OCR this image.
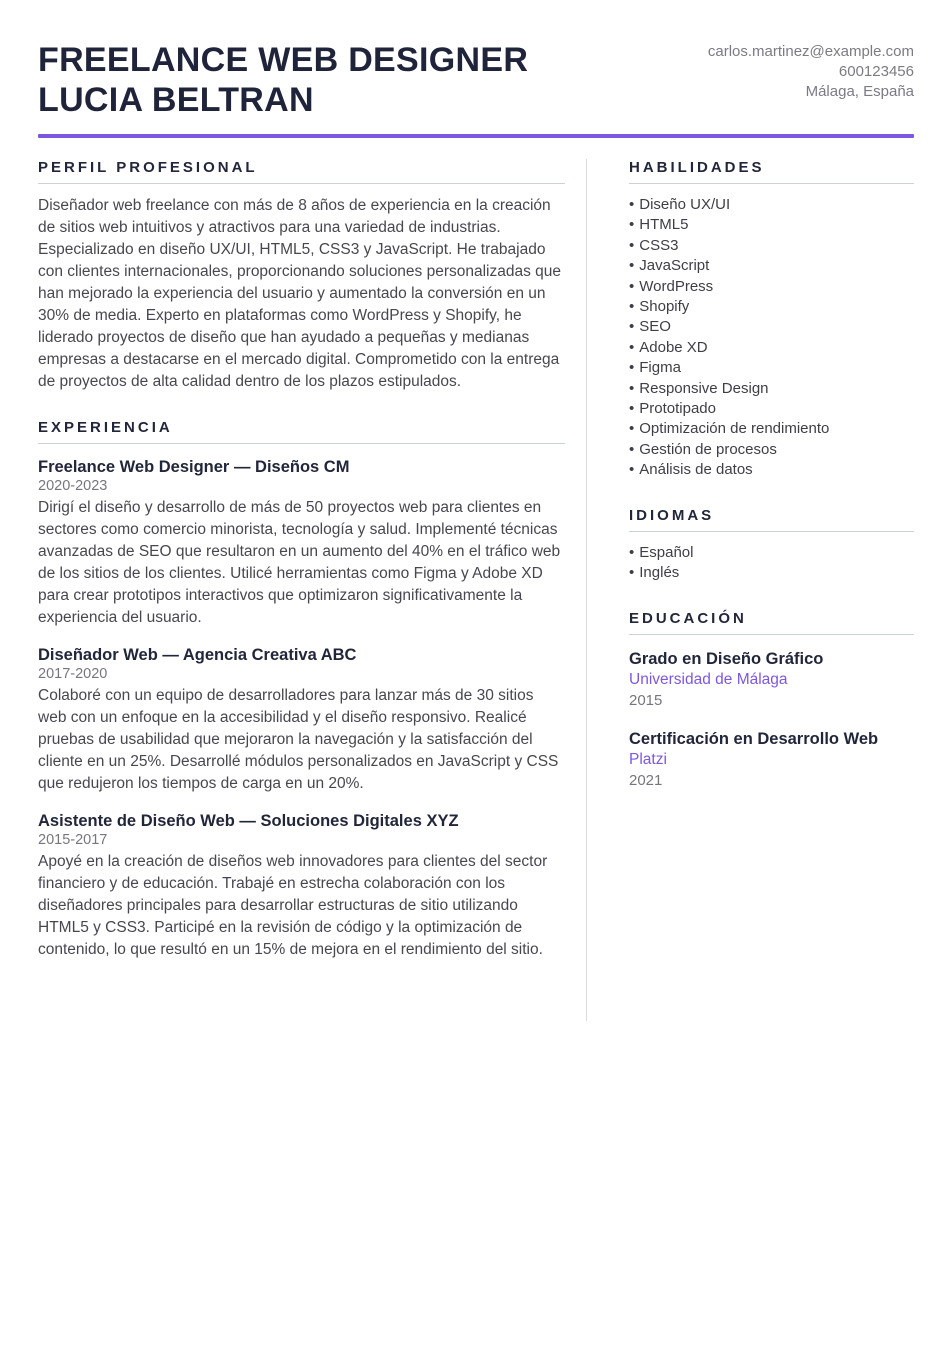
FREELANCE WEB DESIGNER
LUCIA BELTRAN
carlos.martinez@example.com
600123456
Málaga, España
PERFIL PROFESIONAL

Diseñador web freelance con más de 8 años de experiencia en la creación de sitios web intuitivos y atractivos para una variedad de industrias. Especializado en diseño UX/UI, HTML5, CSS3 y JavaScript. He trabajado con clientes internacionales, proporcionando soluciones personalizadas que han mejorado la experiencia del usuario y aumentado la conversión en un 30% de media. Experto en plataformas como WordPress y Shopify, he liderado proyectos de diseño que han ayudado a pequeñas y medianas empresas a destacarse en el mercado digital. Comprometido con la entrega de proyectos de alta calidad dentro de los plazos estipulados.

EXPERIENCIA
Freelance Web Designer — Diseños CM
2020-2023

Dirigí el diseño y desarrollo de más de 50 proyectos web para clientes en sectores como comercio minorista, tecnología y salud. Implementé técnicas avanzadas de SEO que resultaron en un aumento del 40% en el tráfico web de los sitios de los clientes. Utilicé herramientas como Figma y Adobe XD para crear prototipos interactivos que optimizaron significativamente la experiencia del usuario.

Diseñador Web — Agencia Creativa ABC
2017-2020

Colaboré con un equipo de desarrolladores para lanzar más de 30 sitios web con un enfoque en la accesibilidad y el diseño responsivo. Realicé pruebas de usabilidad que mejoraron la navegación y la satisfacción del cliente en un 25%. Desarrollé módulos personalizados en JavaScript y CSS que redujeron los tiempos de carga en un 20%.

Asistente de Diseño Web — Soluciones Digitales XYZ
2015-2017

Apoyé en la creación de diseños web innovadores para clientes del sector financiero y de educación. Trabajé en estrecha colaboración con los diseñadores principales para desarrollar estructuras de sitio utilizando HTML5 y CSS3. Participé en la revisión de código y la optimización de contenido, lo que resultó en un 15% de mejora en el rendimiento del sitio.

HABILIDADES
• Diseño UX/UI
• HTML5
• CSS3
• JavaScript
• WordPress
• Shopify
• SEO
• Adobe XD
• Figma
• Responsive Design
• Prototipado
• Optimización de rendimiento
• Gestión de procesos
• Análisis de datos
IDIOMAS
• Español
• Inglés
EDUCACIÓN
Grado en Diseño Gráfico
Universidad de Málaga
2015
Certificación en Desarrollo Web
Platzi
2021
